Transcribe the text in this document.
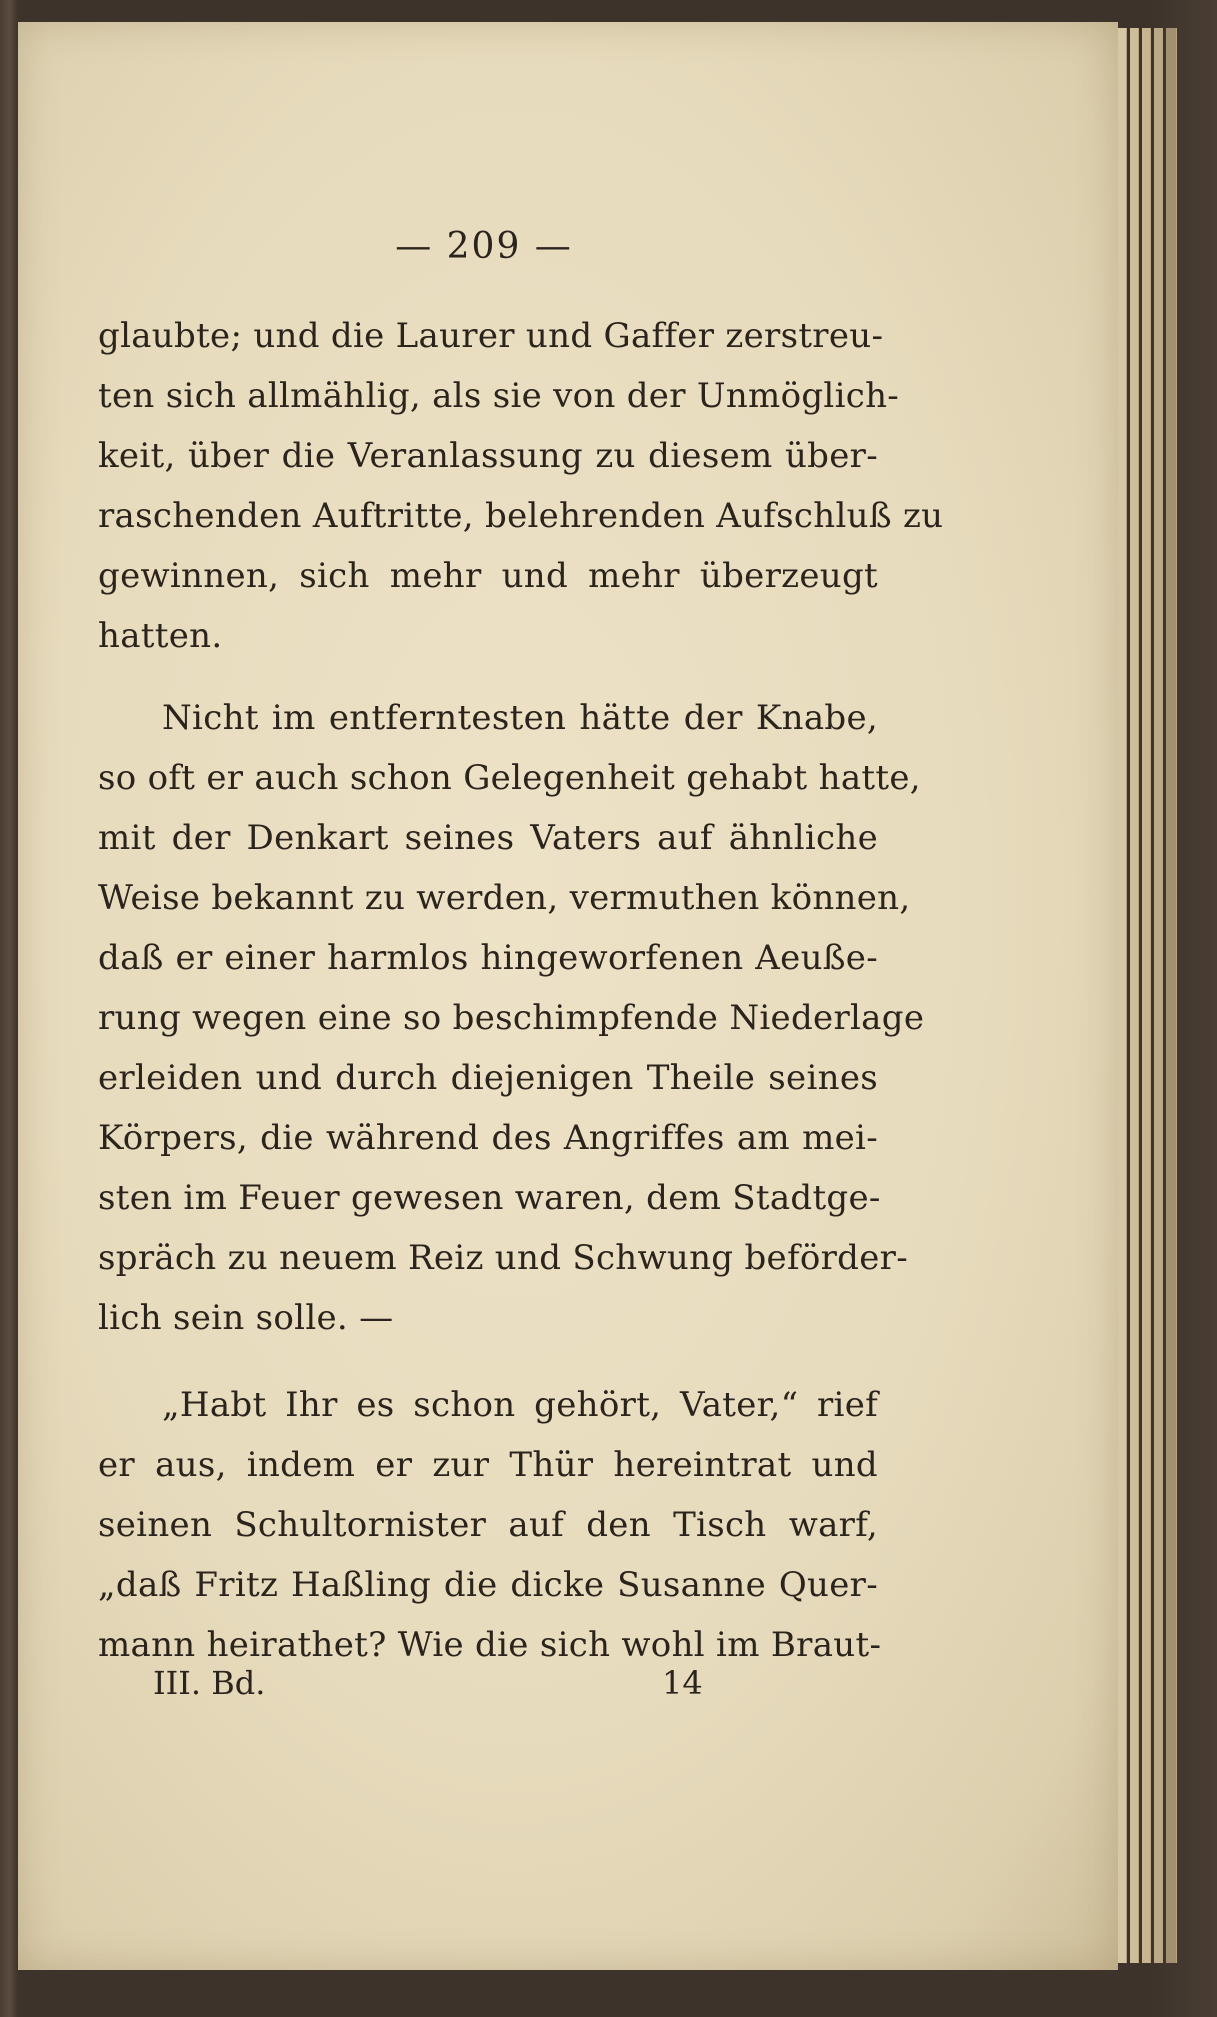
— 209 —
glaubte; und die Laurer und Gaffer zerstreu-
ten sich allmählig, als sie von der Unmöglich-
keit, über die Veranlassung zu diesem über-
raschenden Auftritte, belehrenden Aufschluß zu
gewinnen, sich mehr und mehr überzeugt
hatten.
Nicht im entferntesten hätte der Knabe,
so oft er auch schon Gelegenheit gehabt hatte,
mit der Denkart seines Vaters auf ähnliche
Weise bekannt zu werden, vermuthen können,
daß er einer harmlos hingeworfenen Aeuße-
rung wegen eine so beschimpfende Niederlage
erleiden und durch diejenigen Theile seines
Körpers, die während des Angriffes am mei-
sten im Feuer gewesen waren, dem Stadtge-
spräch zu neuem Reiz und Schwung beförder-
lich sein solle. —
„Habt Ihr es schon gehört, Vater,“ rief
er aus, indem er zur Thür hereintrat und
seinen Schultornister auf den Tisch warf,
„daß Fritz Haßling die dicke Susanne Quer-
mann heirathet? Wie die sich wohl im Braut-
III. Bd.	14
